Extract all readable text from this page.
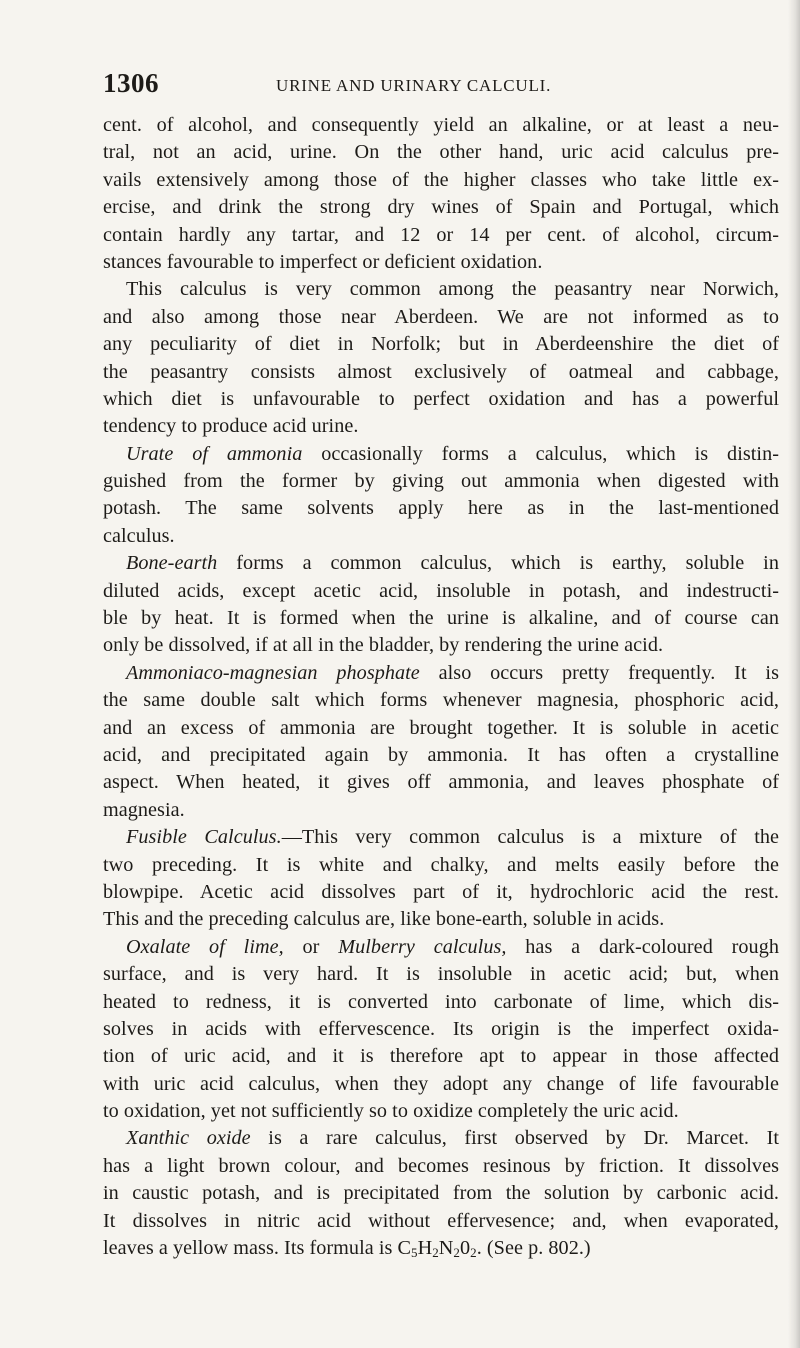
1306	URINE AND URINARY CALCULI.
cent. of alcohol, and consequently yield an alkaline, or at least a neu-
tral, not an acid, urine. On the other hand, uric acid calculus pre-
vails extensively among those of the higher classes who take little ex-
ercise, and drink the strong dry wines of Spain and Portugal, which
contain hardly any tartar, and 12 or 14 per cent. of alcohol, circum-
stances favourable to imperfect or deficient oxidation.
This calculus is very common among the peasantry near Norwich,
and also among those near Aberdeen. We are not informed as to
any peculiarity of diet in Norfolk; but in Aberdeenshire the diet of
the peasantry consists almost exclusively of oatmeal and cabbage,
which diet is unfavourable to perfect oxidation and has a powerful
tendency to produce acid urine.
Urate of ammonia occasionally forms a calculus, which is distin-
guished from the former by giving out ammonia when digested with
potash. The same solvents apply here as in the last-mentioned
calculus.
Bone-earth forms a common calculus, which is earthy, soluble in
diluted acids, except acetic acid, insoluble in potash, and indestructi-
ble by heat. It is formed when the urine is alkaline, and of course can
only be dissolved, if at all in the bladder, by rendering the urine acid.
Ammoniaco-magnesian phosphate also occurs pretty frequently. It is
the same double salt which forms whenever magnesia, phosphoric acid,
and an excess of ammonia are brought together. It is soluble in acetic
acid, and precipitated again by ammonia. It has often a crystalline
aspect. When heated, it gives off ammonia, and leaves phosphate of
magnesia.
Fusible Calculus.—This very common calculus is a mixture of the
two preceding. It is white and chalky, and melts easily before the
blowpipe. Acetic acid dissolves part of it, hydrochloric acid the rest.
This and the preceding calculus are, like bone-earth, soluble in acids.
Oxalate of lime, or Mulberry calculus, has a dark-coloured rough
surface, and is very hard. It is insoluble in acetic acid; but, when
heated to redness, it is converted into carbonate of lime, which dis-
solves in acids with effervescence. Its origin is the imperfect oxida-
tion of uric acid, and it is therefore apt to appear in those affected
with uric acid calculus, when they adopt any change of life favourable
to oxidation, yet not sufficiently so to oxidize completely the uric acid.
Xanthic oxide is a rare calculus, first observed by Dr. Marcet. It
has a light brown colour, and becomes resinous by friction. It dissolves
in caustic potash, and is precipitated from the solution by carbonic acid.
It dissolves in nitric acid without effervesence; and, when evaporated,
leaves a yellow mass. Its formula is $C_5H_2N_20_2$. (See p. 802.)
